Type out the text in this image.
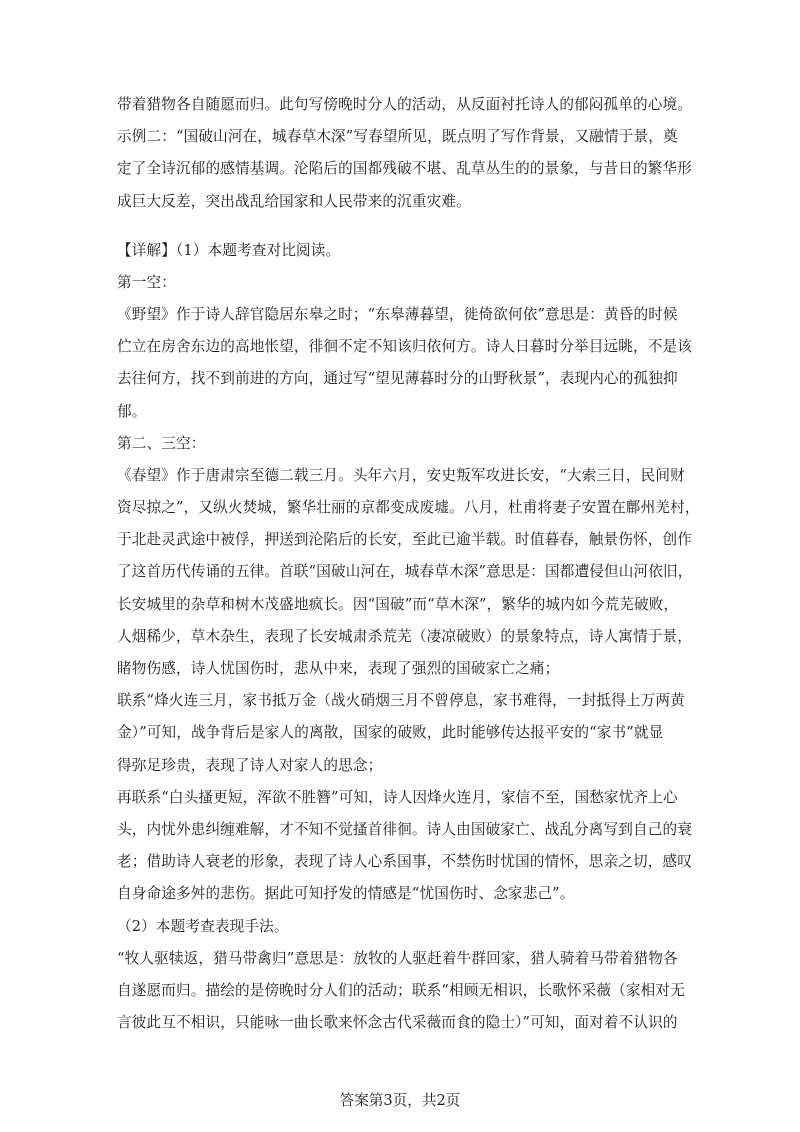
带着猎物各自随愿而归。此句写傍晚时分人的活动，从反面衬托诗人的郁闷孤单的心境。
示例二：“国破山河在，城春草木深”写春望所见，既点明了写作背景，又融情于景，奠
定了全诗沉郁的感情基调。沦陷后的国都残破不堪、乱草丛生的的景象，与昔日的繁华形
成巨大反差，突出战乱给国家和人民带来的沉重灾难。
【详解】（1）本题考查对比阅读。
第一空：
《野望》作于诗人辞官隐居东皋之时；“东皋薄暮望，徙倚欲何依”意思是：黄昏的时候
伫立在房舍东边的高地怅望，徘徊不定不知该归依何方。诗人日暮时分举目远眺，不是该
去往何方，找不到前进的方向，通过写“望见薄暮时分的山野秋景”，表现内心的孤独抑
郁。
第二、三空：
《春望》作于唐肃宗至德二载三月。头年六月，安史叛军攻进长安，“大索三日，民间财
资尽掠之”，又纵火焚城，繁华壮丽的京都变成废墟。八月，杜甫将妻子安置在鄜州羌村，
于北赴灵武途中被俘，押送到沦陷后的长安，至此已逾半载。时值暮春，触景伤怀，创作
了这首历代传诵的五律。首联“国破山河在，城春草木深”意思是：国都遭侵但山河依旧，
长安城里的杂草和树木茂盛地疯长。因“国破”而“草木深”，繁华的城内如今荒芜破败，
人烟稀少，草木杂生，表现了长安城肃杀荒芜（凄凉破败）的景象特点，诗人寓情于景，
睹物伤感，诗人忧国伤时，悲从中来，表现了强烈的国破家亡之痛；
联系“烽火连三月，家书抵万金（战火硝烟三月不曾停息，家书难得，一封抵得上万两黄
金）”可知，战争背后是家人的离散，国家的破败，此时能够传达报平安的“家书”就显
得弥足珍贵，表现了诗人对家人的思念；
再联系“白头搔更短，浑欲不胜簪”可知，诗人因烽火连月，家信不至，国愁家忧齐上心
头，内忧外患纠缠难解，才不知不觉搔首徘徊。诗人由国破家亡、战乱分离写到自己的衰
老；借助诗人衰老的形象，表现了诗人心系国事，不禁伤时忧国的情怀，思亲之切，感叹
自身命途多舛的悲伤。据此可知抒发的情感是“忧国伤时、念家悲己”。
（2）本题考查表现手法。
“牧人驱犊返，猎马带禽归”意思是：放牧的人驱赶着牛群回家，猎人骑着马带着猎物各
自遂愿而归。描绘的是傍晚时分人们的活动；联系“相顾无相识，长歌怀采薇（家相对无
言彼此互不相识，只能咏一曲长歌来怀念古代采薇而食的隐士）”可知，面对着不认识的
答案第3页，共2页
